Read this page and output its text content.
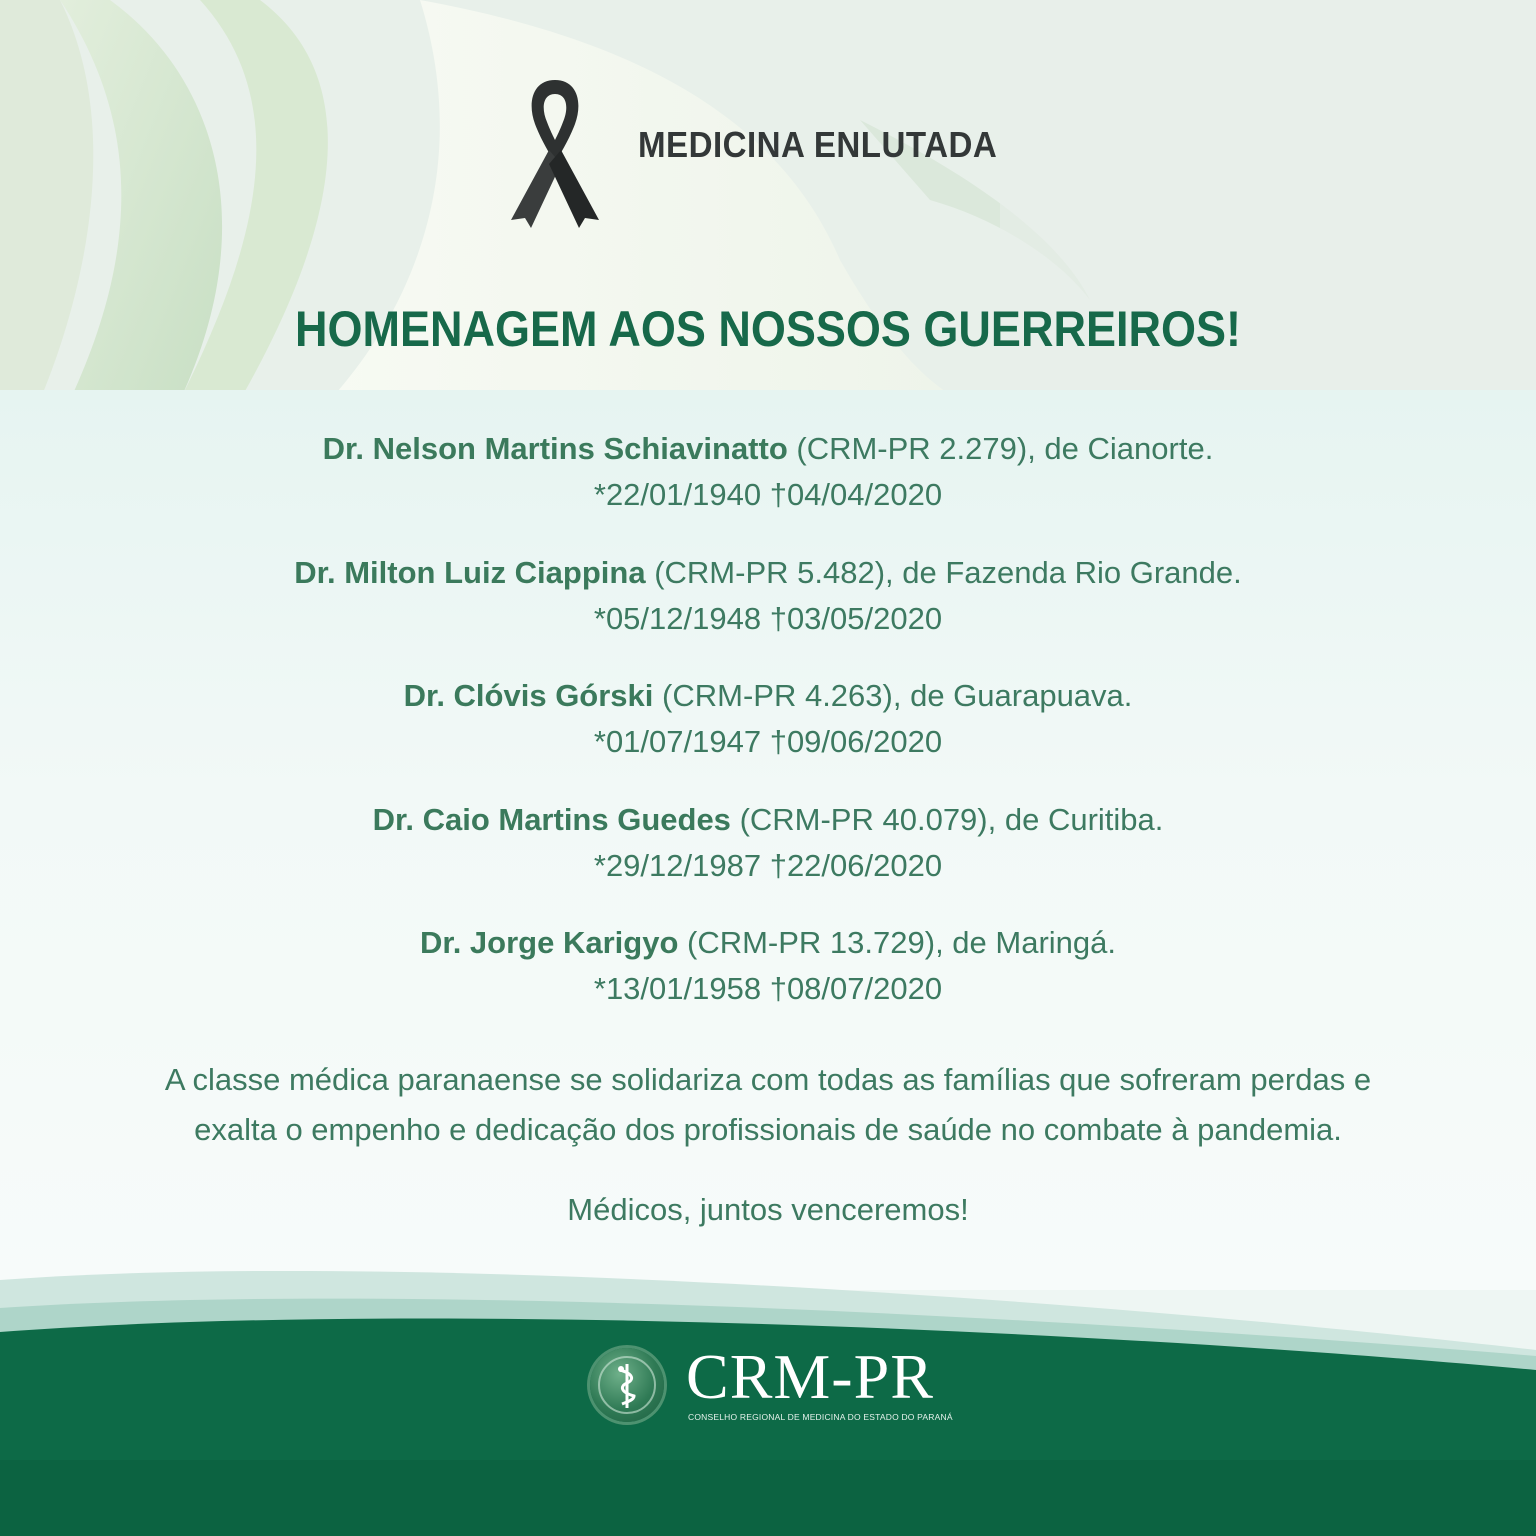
MEDICINA ENLUTADA
HOMENAGEM AOS NOSSOS GUERREIROS!
Dr. Nelson Martins Schiavinatto (CRM-PR 2.279), de Cianorte.
*22/01/1940 †04/04/2020
Dr. Milton Luiz Ciappina (CRM-PR 5.482), de Fazenda Rio Grande.
*05/12/1948 †03/05/2020
Dr. Clóvis Górski (CRM-PR 4.263), de Guarapuava.
*01/07/1947 †09/06/2020
Dr. Caio Martins Guedes (CRM-PR 40.079), de Curitiba.
*29/12/1987 †22/06/2020
Dr. Jorge Karigyo (CRM-PR 13.729), de Maringá.
*13/01/1958 †08/07/2020
A classe médica paranaense se solidariza com todas as famílias que sofreram perdas e
exalta o empenho e dedicação dos profissionais de saúde no combate à pandemia.
Médicos, juntos venceremos!
CRM-PR
CONSELHO REGIONAL DE MEDICINA DO ESTADO DO PARANÁ
